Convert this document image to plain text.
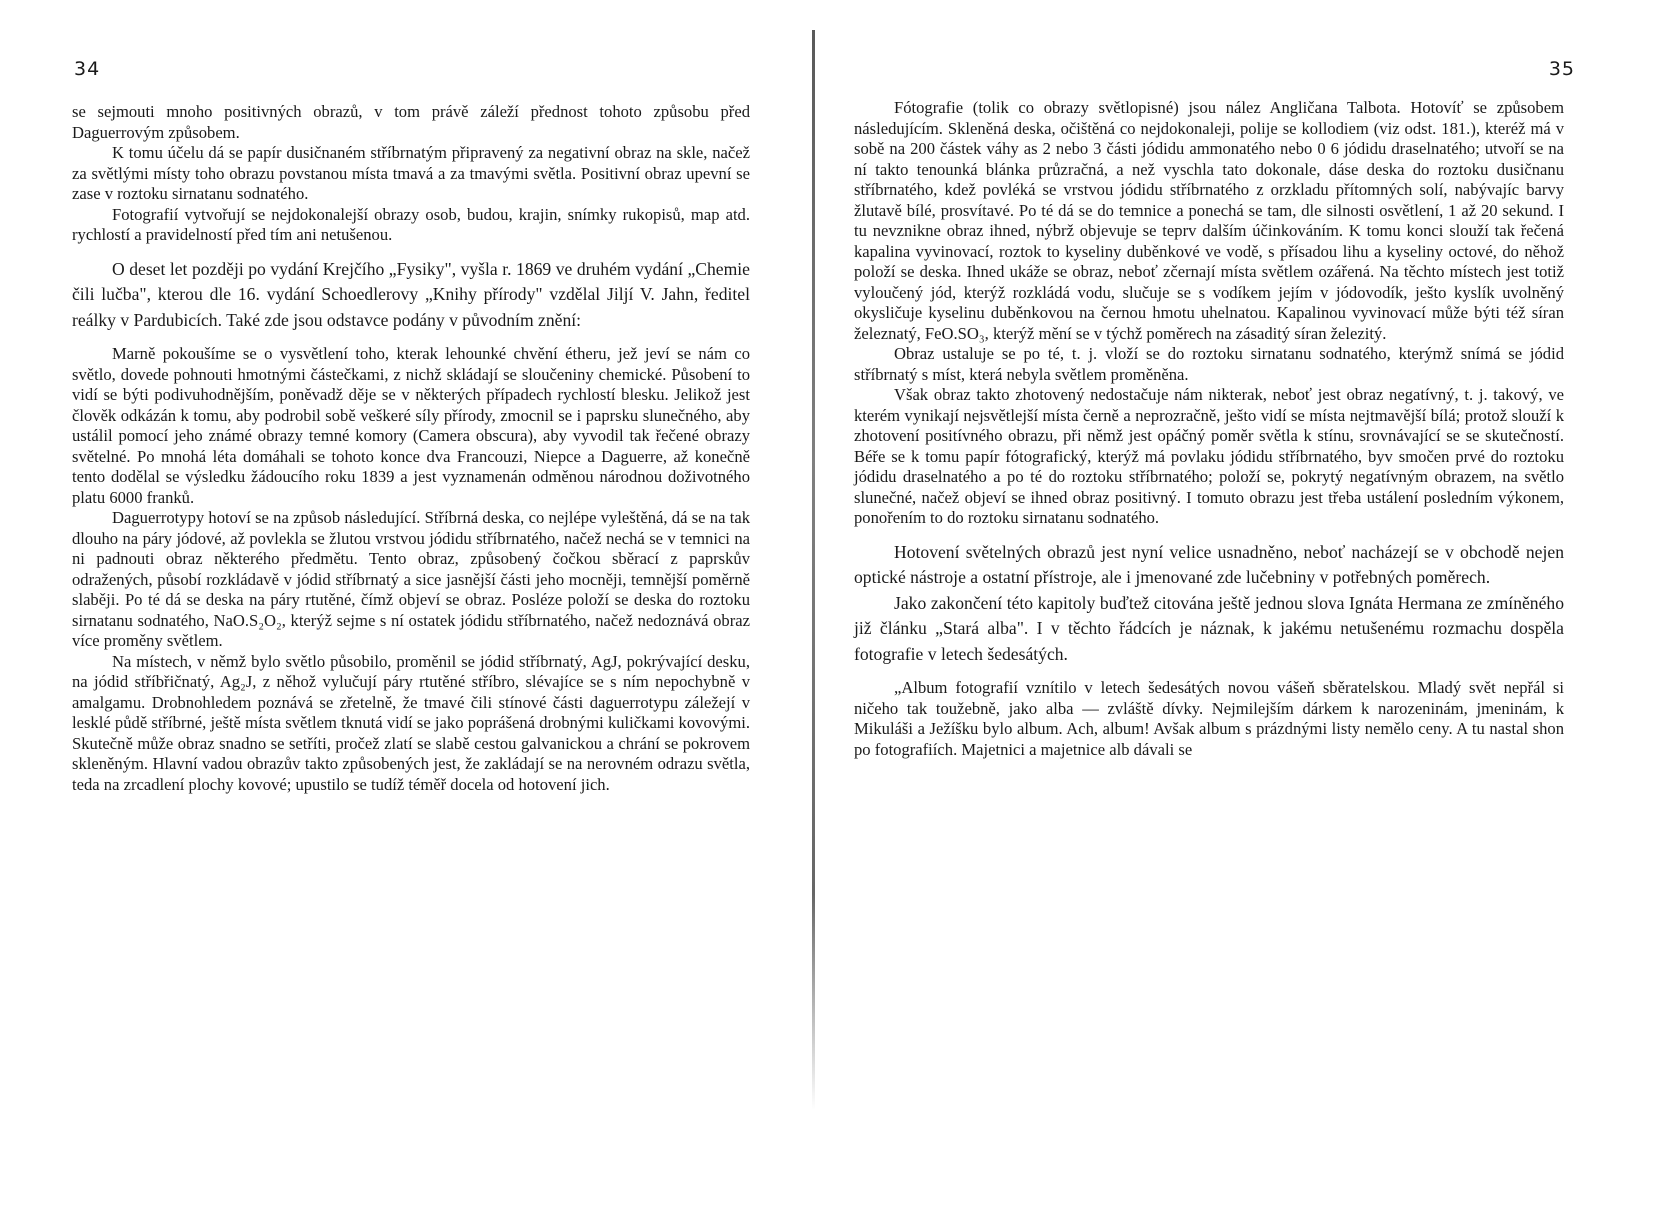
34

se sejmouti mnoho positivných obrazů, v tom právě záleží přednost tohoto způsobu před Daguerrovým způsobem.

K tomu účelu dá se papír dusičnaném stříbrnatým připravený za negativní obraz na skle, načež za světlými místy toho obrazu povstanou místa tmavá a za tmavými světla. Positivní obraz upevní se zase v roztoku sirnatanu sodnatého.

Fotografií vytvořují se nejdokonalejší obrazy osob, budou, krajin, snímky rukopisů, map atd. rychlostí a pravidelností před tím ani netušenou.

O deset let později po vydání Krejčího „Fysiky", vyšla r. 1869 ve druhém vydání „Chemie čili lučba", kterou dle 16. vydání Schoedlerovy „Knihy přírody" vzdělal Jiljí V. Jahn, ředitel reálky v Pardubicích. Také zde jsou odstavce podány v původním znění:

Marně pokoušíme se o vysvětlení toho, kterak lehounké chvění étheru, jež jeví se nám co světlo, dovede pohnouti hmotnými částečkami, z nichž skládají se sloučeniny chemické. Působení to vidí se býti podivuhodnějším, poněvadž děje se v některých případech rychlostí blesku. Jelikož jest člověk odkázán k tomu, aby podrobil sobě veškeré síly přírody, zmocnil se i paprsku slunečného, aby ustálil pomocí jeho známé obrazy temné komory (Camera obscura), aby vyvodil tak řečené obrazy světelné. Po mnohá léta domáhali se tohoto konce dva Francouzi, Niepce a Daguerre, až konečně tento dodělal se výsledku žádoucího roku 1839 a jest vyznamenán odměnou národnou doživotného platu 6000 franků.

Daguerrotypy hotoví se na způsob následující. Stříbrná deska, co nejlépe vyleštěná, dá se na tak dlouho na páry jódové, až povlekla se žlutou vrstvou jódidu stříbrnatého, načež nechá se v temnici na ni padnouti obraz některého předmětu. Tento obraz, způsobený čočkou sběrací z paprskův odražených, působí rozkládavě v jódid stříbrnatý a sice jasnější části jeho mocněji, temnější poměrně slaběji. Po té dá se deska na páry rtutěné, čímž objeví se obraz. Posléze položí se deska do roztoku sirnatanu sodnatého, NaO.S₂O₂, kterýž sejme s ní ostatek jódidu stříbrnatého, načež nedoznává obraz více proměny světlem.

Na místech, v němž bylo světlo působilo, proměnil se jódid stříbrnatý, AgJ, pokrývající desku, na jódid stříbřičnatý, Ag₂J, z něhož vylučují páry rtutěné stříbro, slévajíce se s ním nepochybně v amalgamu. Drobnohledem poznává se zřetelně, že tmavé čili stínové části daguerrotypu záležejí v lesklé půdě stříbrné, ještě místa světlem tknutá vidí se jako poprášená drobnými kuličkami kovovými. Skutečně může obraz snadno se setříti, pročež zlatí se slabě cestou galvanickou a chrání se pokrovem skleněným. Hlavní vadou obrazův takto způsobených jest, že zakládají se na nerovném odrazu světla, teda na zrcadlení plochy kovové; upustilo se tudíž téměř docela od hotovení jich.

35

Fótografie (tolik co obrazy světlopisné) jsou nález Angličana Talbota. Hotovíť se způsobem následujícím. Skleněná deska, očištěná co nejdokonaleji, polije se kollodiem (viz odst. 181.), kteréž má v sobě na 200 částek váhy as 2 nebo 3 části jódidu ammonatého nebo 0 6 jódidu draselnatého; utvoří se na ní takto tenounká blánka průzračná, a než vyschla tato dokonale, dáse deska do roztoku dusičnanu stříbrnatého, kdež povléká se vrstvou jódidu stříbrnatého z orzkladu přítomných solí, nabývajíc barvy žlutavě bílé, prosvítavé. Po té dá se do temnice a ponechá se tam, dle silnosti osvětlení, 1 až 20 sekund. I tu nevznikne obraz ihned, nýbrž objevuje se teprv dalším účinkováním. K tomu konci slouží tak řečená kapalina vyvinovací, roztok to kyseliny duběnkové ve vodě, s přísadou lihu a kyseliny octové, do něhož položí se deska. Ihned ukáže se obraz, neboť zčernají místa světlem ozářená. Na těchto místech jest totiž vyloučený jód, kterýž rozkládá vodu, slučuje se s vodíkem jejím v jódovodík, ješto kyslík uvolněný okysličuje kyselinu duběnkovou na černou hmotu uhelnatou. Kapalinou vyvinovací může býti též síran železnatý, FeO.SO₃, kterýž mění se v týchž poměrech na zásaditý síran železitý.

Obraz ustaluje se po té, t. j. vloží se do roztoku sirnatanu sodnatého, kterýmž snímá se jódid stříbrnatý s míst, která nebyla světlem proměněna.

Však obraz takto zhotovený nedostačuje nám nikterak, neboť jest obraz negatívný, t. j. takový, ve kterém vynikají nejsvětlejší místa černě a neprozračně, ješto vidí se místa nejtmavější bílá; protož slouží k zhotovení positívného obrazu, při němž jest opáčný poměr světla k stínu, srovnávající se se skutečností. Béře se k tomu papír fótografický, kterýž má povlaku jódidu stříbrnatého, byv smočen prvé do roztoku jódidu draselnatého a po té do roztoku stříbrnatého; položí se, pokrytý negatívným obrazem, na světlo slunečné, načež objeví se ihned obraz positivný. I tomuto obrazu jest třeba ustálení posledním výkonem, ponořením to do roztoku sirnatanu sodnatého.

Hotovení světelných obrazů jest nyní velice usnadněno, neboť nacházejí se v obchodě nejen optické nástroje a ostatní přístroje, ale i jmenované zde lučebniny v potřebných poměrech.

Jako zakončení této kapitoly buďtež citována ještě jednou slova Ignáta Hermana ze zmíněného již článku „Stará alba". I v těchto řádcích je náznak, k jakému netušenému rozmachu dospěla fotografie v letech šedesátých.

„Album fotografií vznítilo v letech šedesátých novou vášeň sběratelskou. Mladý svět nepřál si ničeho tak toužebně, jako alba — zvláště dívky. Nejmilejším dárkem k narozeninám, jmeninám, k Mikuláši a Ježíšku bylo album. Ach, album! Avšak album s prázdnými listy nemělo ceny. A tu nastal shon po fotografiích. Majetnici a majetnice alb dávali se
